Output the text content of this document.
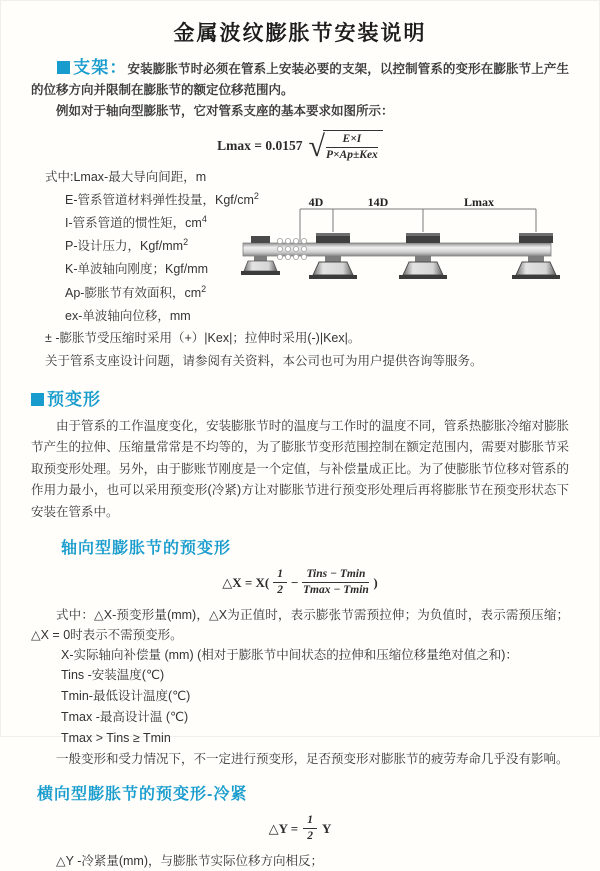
金属波纹膨胀节安装说明

支架：安装膨胀节时必须在管系上安装必要的支架，以控制管系的变形在膨胀节上产生的位移方向并限制在膨胀节的额定位移范围内。

例如对于轴向型膨胀节，它对管系支座的基本要求如图所示：

Lmax = 0.0157 √ $\frac{E\times I}{\text{P×Ap±Kex}}$
式中:Lmax-最大导向间距，m
E-管系管道材料弹性投量，Kgf/$cm^2$
I-管系管道的惯性矩，$cm^4$
P-设计压力，Kgf/$mm^2$
K-单波轴向刚度；Kgf/mm
Ap-膨胀节有效面积，$cm^2$
ex-单波轴向位移，mm
4D	14D	Lmax
± -膨胀节受压缩时采用（+）|Kex|；拉伸时采用(-)|Kex|。
关于管系支座设计问题，请参阅有关资料，本公司也可为用户提供咨询等服务。
预变形

由于管系的工作温度变化，安装膨胀节时的温度与工作时的温度不同，管系热膨胀冷缩对膨胀节产生的拉伸、压缩量常常是不均等的，为了膨胀节变形范围控制在额定范围内，需要对膨胀节采取预变形处理。另外，由于膨账节刚度是一个定值，与补偿量成正比。为了使膨胀节位移对管系的作用力最小，也可以采用预变形(冷紧)方让对膨胀节进行预变形处理后再将膨胀节在预变形状态下安装在管系中。

轴向型膨胀节的预变形
△X = $X( \frac{1}{2} - \frac{\text{Tins − Tmin}}{Tmax - Tmin}$ )

式中：△X-预变形量(mm)，△X为正值时，表示膨张节需预拉伸；为负值时，表示需预压缩；△X = 0时表示不需预变形。

X-实际轴向补偿量 (mm) (相对于膨胀节中间状态的拉伸和压缩位移量绝对值之和)：

Tins -安装温度(℃)
Tmin-最低设计温度(℃)
Tmax -最高设计温 (℃)
Tmax > Tins ≥ Tmin

一般变形和受力情况下，不一定进行预变形，足否预变形对膨胀节的疲劳寿命几乎没有影响。

横向型膨胀节的预变形-冷紧
△Y = $\frac{1}{2}$ Y
△Y -冷紧量(mm)，与膨胀节实际位移方向相反；
